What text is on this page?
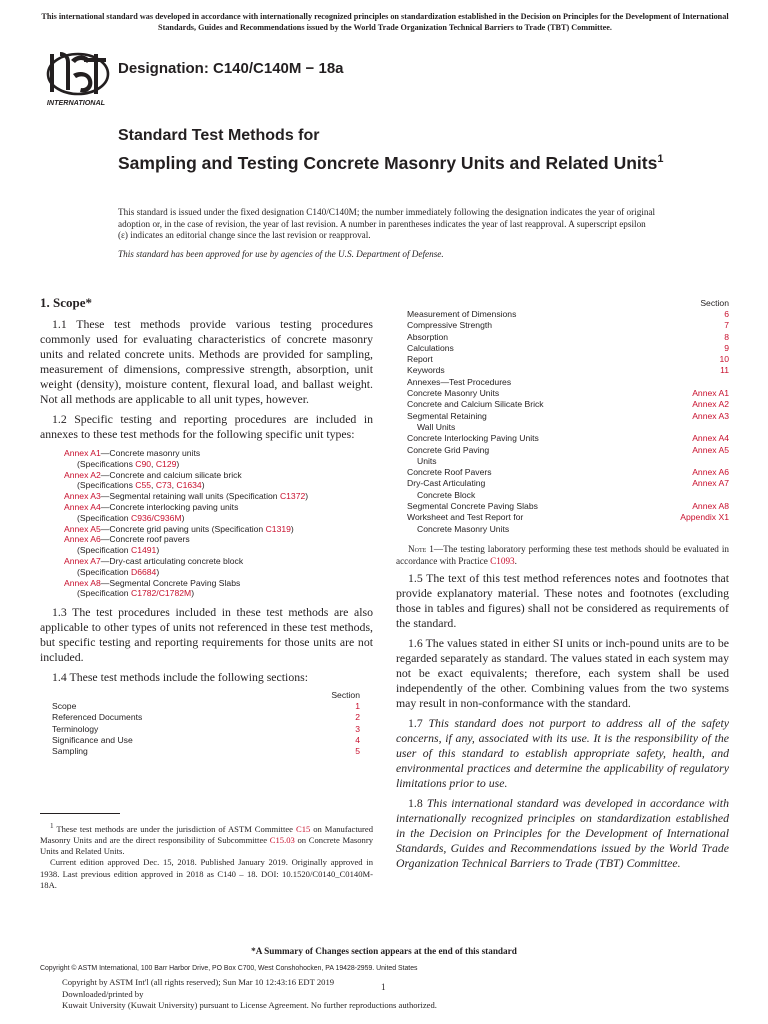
This international standard was developed in accordance with internationally recognized principles on standardization established in the Decision on Principles for the Development of International Standards, Guides and Recommendations issued by the World Trade Organization Technical Barriers to Trade (TBT) Committee.
INTERNATIONAL
Designation: C140/C140M − 18a
Standard Test Methods for
Sampling and Testing Concrete Masonry Units and Related Units$^1$
This standard is issued under the fixed designation C140/C140M; the number immediately following the designation indicates the year of original adoption or, in the case of revision, the year of last revision. A number in parentheses indicates the year of last reapproval. A superscript epsilon (ε) indicates an editorial change since the last revision or reapproval.
This standard has been approved for use by agencies of the U.S. Department of Defense.
1. Scope*

1.1 These test methods provide various testing procedures commonly used for evaluating characteristics of concrete masonry units and related concrete units. Methods are provided for sampling, measurement of dimensions, compressive strength, absorption, unit weight (density), moisture content, flexural load, and ballast weight. Not all methods are applicable to all unit types, however.

1.2 Specific testing and reporting procedures are included in annexes to these test methods for the following specific unit types:

Annex A1—Concrete masonry units
(Specifications C90, C129)
Annex A2—Concrete and calcium silicate brick
(Specifications C55, C73, C1634)
Annex A3—Segmental retaining wall units (Specification C1372)
Annex A4—Concrete interlocking paving units
(Specification C936/C936M)
Annex A5—Concrete grid paving units (Specification C1319)
Annex A6—Concrete roof pavers
(Specification C1491)
Annex A7—Dry-cast articulating concrete block
(Specification D6684)
Annex A8—Segmental Concrete Paving Slabs
(Specification C1782/C1782M)

1.3 The test procedures included in these test methods are also applicable to other types of units not referenced in these test methods, but specific testing and reporting requirements for those units are not included.

1.4 These test methods include the following sections:

Section
Scope	1
Referenced Documents	2
Terminology	3
Significance and Use	4
Sampling	5
Section
Measurement of Dimensions	6
Compressive Strength	7
Absorption	8
Calculations	9
Report	10
Keywords	11
Annexes—Test Procedures
Concrete Masonry Units	Annex A1
Concrete and Calcium Silicate Brick	Annex A2
Segmental Retaining	Annex A3
Wall Units
Concrete Interlocking Paving Units	Annex A4
Concrete Grid Paving	Annex A5
Units
Concrete Roof Pavers	Annex A6
Dry-Cast Articulating	Annex A7
Concrete Block
Segmental Concrete Paving Slabs	Annex A8
Worksheet and Test Report for	Appendix X1
Concrete Masonry Units

Note 1—The testing laboratory performing these test methods should be evaluated in accordance with Practice C1093.

1.5 The text of this test method references notes and footnotes that provide explanatory material. These notes and footnotes (excluding those in tables and figures) shall not be considered as requirements of the standard.

1.6 The values stated in either SI units or inch-pound units are to be regarded separately as standard. The values stated in each system may not be exact equivalents; therefore, each system shall be used independently of the other. Combining values from the two systems may result in non-conformance with the standard.

1.7 This standard does not purport to address all of the safety concerns, if any, associated with its use. It is the responsibility of the user of this standard to establish appropriate safety, health, and environmental practices and determine the applicability of regulatory limitations prior to use.

1.8 This international standard was developed in accordance with internationally recognized principles on standardization established in the Decision on Principles for the Development of International Standards, Guides and Recommendations issued by the World Trade Organization Technical Barriers to Trade (TBT) Committee.

$^1$ These test methods are under the jurisdiction of ASTM Committee C15 on Manufactured Masonry Units and are the direct responsibility of Subcommittee C15.03 on Concrete Masonry Units and Related Units.

Current edition approved Dec. 15, 2018. Published January 2019. Originally approved in 1938. Last previous edition approved in 2018 as C140 – 18. DOI: 10.1520/C0140_C0140M-18A.

*A Summary of Changes section appears at the end of this standard
Copyright © ASTM International, 100 Barr Harbor Drive, PO Box C700, West Conshohocken, PA 19428-2959. United States
Copyright by ASTM Int'l (all rights reserved); Sun Mar 10 12:43:16 EDT 2019
Downloaded/printed by
Kuwait University (Kuwait University) pursuant to License Agreement. No further reproductions authorized.
1
